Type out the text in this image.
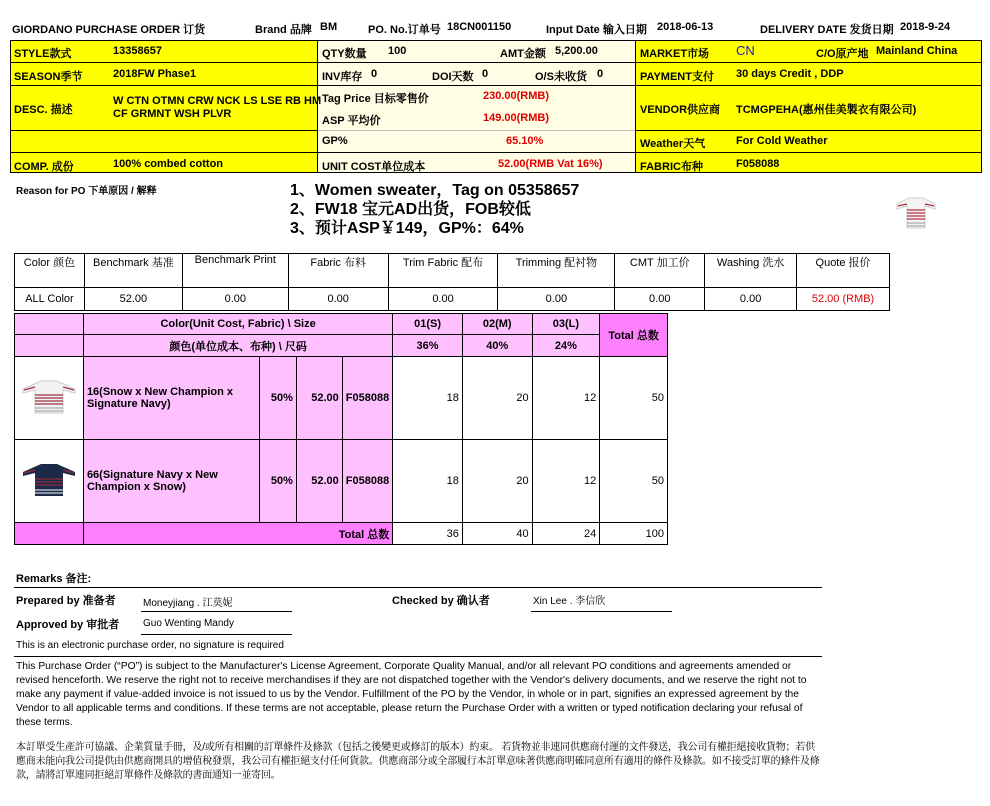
GIORDANO PURCHASE ORDER 订货	Brand 品牌 BM	PO. No.订单号 18CN001150	Input Date 输入日期 2018-06-13	DELIVERY DATE 发货日期 2018-9-24
STYLE款式	13358657
SEASON季节	2018FW Phase1
DESC. 描述
W CTN OTMN CRW NCK LS LSE RB HM
CF GRMNT WSH PLVR
COMP. 成份	100% combed cotton
QTY数量 100	AMT金额 5,200.00
INV库存 0	DOI天数 0	O/S未收货 0
Tag Price 目标零售价	230.00(RMB)
ASP 平均价	149.00(RMB)
GP%	65.10%
UNIT COST单位成本	52.00(RMB Vat 16%)
MARKET市场 CN	C/O原产地 Mainland China
PAYMENT支付 30 days Credit , DDP
VENDOR供应商 TCMGPEHA(惠州佳美製衣有限公司)
Weather天气	For Cold Weather
FABRIC布种	F058088
Reason for PO 下单原因 / 解释	1、Women sweater，Tag on 05358657
2、FW18 宝元AD出货，FOB较低
3、预计ASP￥149，GP%：64%
Color 颜色	Benchmark 基准	Benchmark Print	Fabric 布料	Trim Fabric 配布	Trimming 配衬物	CMT 加工价	Washing 洗水	Quote 报价
ALL Color	52.00	0.00	0.00	0.00	0.00	0.00	0.00	52.00 (RMB)
	Color(Unit Cost, Fabric) \ Size				01(S)	02(M)	03(L)	Total 总数
	颜色(单位成本、布种) \ 尺码				36%	40%	24%	
	16(Snow x New Champion x Signature Navy)	50%	52.00	F058088	18	20	12	50
	66(Signature Navy x New Champion x Snow)	50%	52.00	F058088	18	20	12	50
	Total 总数				36	40	24	100
Remarks 备注:
Prepared by 准备者	Moneyjiang . 江莫妮	Checked by 确认者	Xin Lee . 李信欣
Approved by 审批者 Guo Wenting Mandy
This is an electronic purchase order, no signature is required
This Purchase Order (“PO”) is subject to the Manufacturer's License Agreement, Corporate Quality Manual, and/or all relevant PO conditions and agreements amended or revised henceforth. We reserve the right not to receive merchandises if they are not dispatched together with the Vendor's delivery documents, and we reserve the right not to make any payment if value-added invoice is not issued to us by the Vendor. Fulfillment of the PO by the Vendor, in whole or in part, signifies an expressed agreement by the Vendor to all applicable terms and conditions. If these terms are not acceptable, please return the Purchase Order with a written or typed notification declaring your refusal of these terms.
本訂單受生產許可協議、企業質量手冊，及/或所有相關的訂單條件及條款（包括之後變更或修訂的版本）約束。 若貨物並非連同供應商付運的文件發送，我公司有權拒絕接收貨物；若供應商未能向我公司提供由供應商開具的增值稅發票，我公司有權拒絕支付任何貨款。供應商部分或全部履行本訂單意味著供應商明確同意所有適用的條件及條款。如不接受訂單的條件及條款，請將訂單連同拒絕訂單條件及條款的書面通知一並寄回。
